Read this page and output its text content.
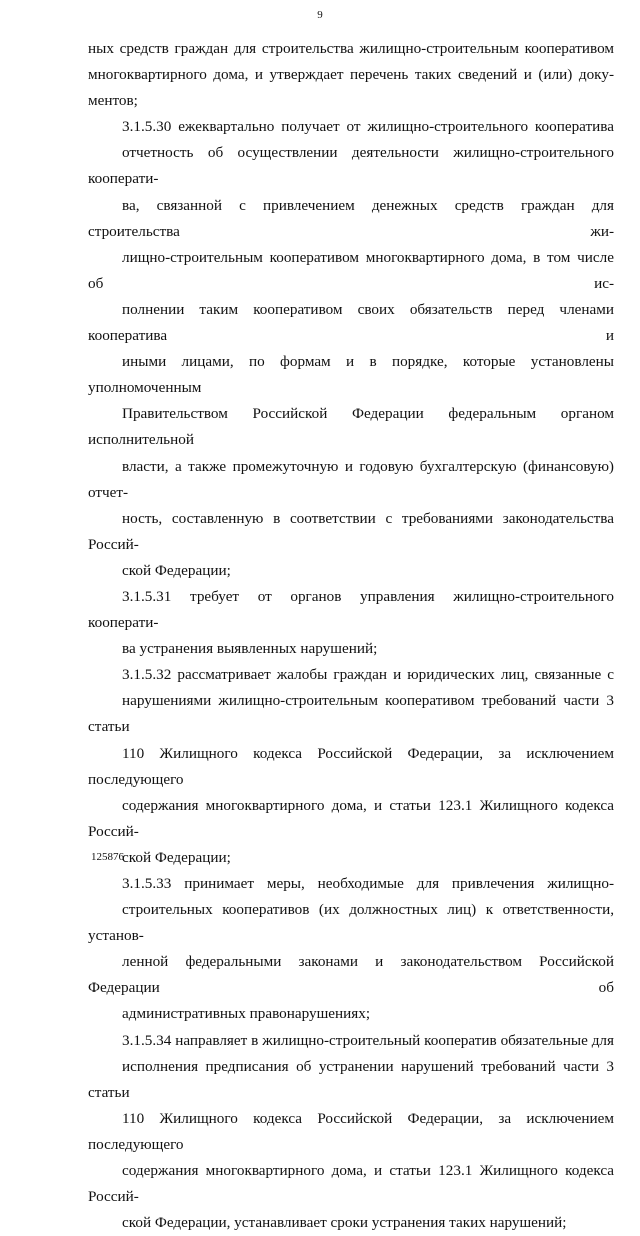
9

ных средств граждан для строительства жилищно-строительным кооперативом
многоквартирного дома, и утверждает перечень таких сведений и (или) доку-
ментов;

3.1.5.30 ежеквартально получает от жилищно-строительного кооператива
отчетность об осуществлении деятельности жилищно-строительного кооперати-
ва, связанной с привлечением денежных средств граждан для строительства жи-
лищно-строительным кооперативом многоквартирного дома, в том числе об ис-
полнении таким кооперативом своих обязательств перед членами кооператива и
иными лицами, по формам и в порядке, которые установлены уполномоченным
Правительством Российской Федерации федеральным органом исполнительной
власти, а также промежуточную и годовую бухгалтерскую (финансовую) отчет-
ность, составленную в соответствии с требованиями законодательства Россий-
ской Федерации;

3.1.5.31 требует от органов управления жилищно-строительного кооперати-
ва устранения выявленных нарушений;

3.1.5.32 рассматривает жалобы граждан и юридических лиц, связанные с
нарушениями жилищно-строительным кооперативом требований части 3 статьи
110 Жилищного кодекса Российской Федерации, за исключением последующего
содержания многоквартирного дома, и статьи 123.1 Жилищного кодекса Россий-
ской Федерации;

3.1.5.33 принимает меры, необходимые для привлечения жилищно-
строительных кооперативов (их должностных лиц) к ответственности, установ-
ленной федеральными законами и законодательством Российской Федерации об
административных правонарушениях;

3.1.5.34 направляет в жилищно-строительный кооператив обязательные для
исполнения предписания об устранении нарушений требований части 3 статьи
110 Жилищного кодекса Российской Федерации, за исключением последующего
содержания многоквартирного дома, и статьи 123.1 Жилищного кодекса Россий-
ской Федерации, устанавливает сроки устранения таких нарушений;

125876
